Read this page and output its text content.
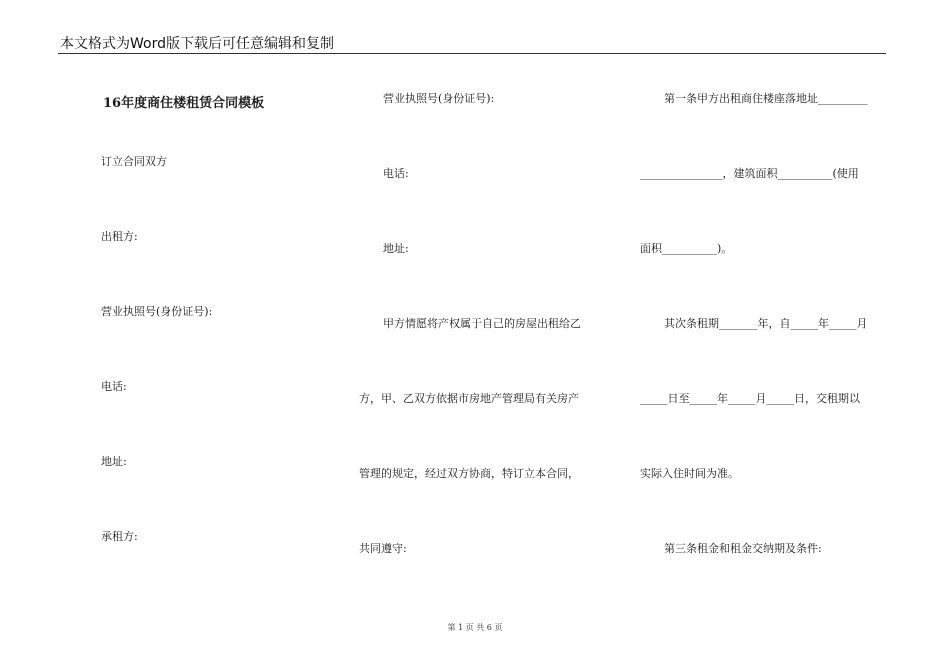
本文格式为Word版下载后可任意编辑和复制
16年度商住楼租赁合同模板
订立合同双方
出租方:
营业执照号(身份证号):
电话:
地址:
承租方:
营业执照号(身份证号):
电话:
地址:
甲方情愿将产权属于自己的房屋出租给乙
方，甲、乙双方依据市房地产管理局有关房产
管理的规定，经过双方协商，特订立本合同，
共同遵守:
第一条甲方出租商住楼座落地址_________
_______________，建筑面积__________(使用
面积__________)。
其次条租期_______年，自_____年_____月
_____日至_____年_____月_____日，交租期以
实际入住时间为准。
第三条租金和租金交纳期及条件:
第 1 页 共 6 页
